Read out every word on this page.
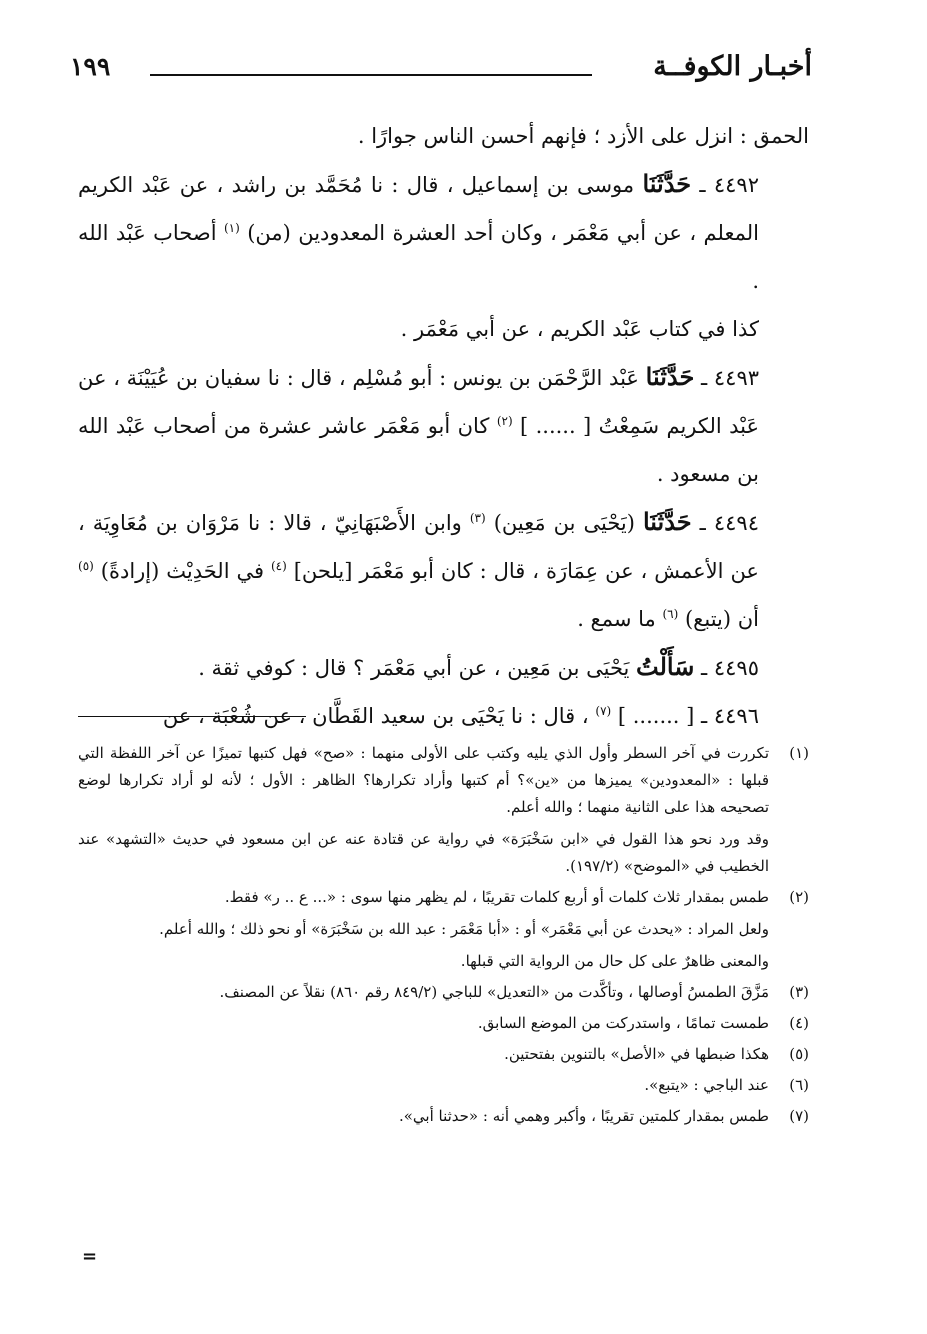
أخبـار الكوفــة
١٩٩

الحمق : انزل على الأزد ؛ فإنهم أحسن الناس جوارًا .

٤٤٩٢ ـ حَدَّثَنَا موسى بن إسماعيل ، قال : نا مُحَمَّد بن راشد ، عن عَبْد الكريم المعلم ، عن أبي مَعْمَر ، وكان أحد العشرة المعدودين (من) $^{(١)}$ أصحاب عَبْد الله .

كذا في كتاب عَبْد الكريم ، عن أبي مَعْمَر .

٤٤٩٣ ـ حَدَّثَنَا عَبْد الرَّحْمَن بن يونس : أبو مُسْلِم ، قال : نا سفيان بن عُيَيْنَة ، عن عَبْد الكريم سَمِعْتُ [ ...... ] $^{(٢)}$ كان أبو مَعْمَر عاشر عشرة من أصحاب عَبْد الله بن مسعود .

٤٤٩٤ ـ حَدَّثَنَا (يَحْيَى بن مَعِين) $^{(٣)}$ وابن الأَصْبَهَانِيّ ، قالا : نا مَرْوَان بن مُعَاوِيَة ، عن الأعمش ، عن عِمَارَة ، قال : كان أبو مَعْمَر [يلحن] $^{(٤)}$ في الحَدِيْث (إرادةً) $^{(٥)}$ أن (يتبع) $^{(٦)}$ ما سمع .

٤٤٩٥ ـ سَأَلْتُ يَحْيَى بن مَعِين ، عن أبي مَعْمَر ؟ قال : كوفي ثقة .

٤٤٩٦ ـ [ ....... ] $^{(٧)}$ ، قال : نا يَحْيَى بن سعيد القَطَّان ، عن شُعْبَة ، عن

(١)

تكررت في آخر السطر وأول الذي يليه وكتب على الأولى منهما : «صح» فهل كتبها تميزًا عن آخر اللفظة التي قبلها : «المعدودين» يميزها من «ين»؟ أم كتبها وأراد تكرارها؟ الظاهر : الأول ؛ لأنه لو أراد تكرارها لوضع تصحيحه هذا على الثانية منهما ؛ والله أعلم.

وقد ورد نحو هذا القول في «ابن سَخْبَرَة» في رواية عن قتادة عنه عن ابن مسعود في حديث «التشهد» عند الخطيب في «الموضح» (١٩٧/٢).

(٢)

طمس بمقدار ثلاث كلمات أو أربع كلمات تقريبًا ، لم يظهر منها سوى : «... ع .. ر» فقط.

ولعل المراد : «يحدث عن أبي مَعْمَر» أو : «أبا مَعْمَر : عبد الله بن سَخْبَرَة» أو نحو ذلك ؛ والله أعلم.

والمعنى ظاهرٌ على كل حال من الرواية التي قبلها.

(٣)

مَزَّقَ الطمسُ أوصالها ، وتأكَّدت من «التعديل» للباجي (٨٤٩/٢ رقم ٨٦٠) نقلاً عن المصنف.

(٤)

طمست تمامًا ، واستدركت من الموضع السابق.

(٥)

هكذا ضبطها في «الأصل» بالتنوين بفتحتين.

(٦)

عند الباجي : «يتبع».

(٧)

طمس بمقدار كلمتين تقريبًا ، وأكبر وهمي أنه : «حدثنا أبي».

=
